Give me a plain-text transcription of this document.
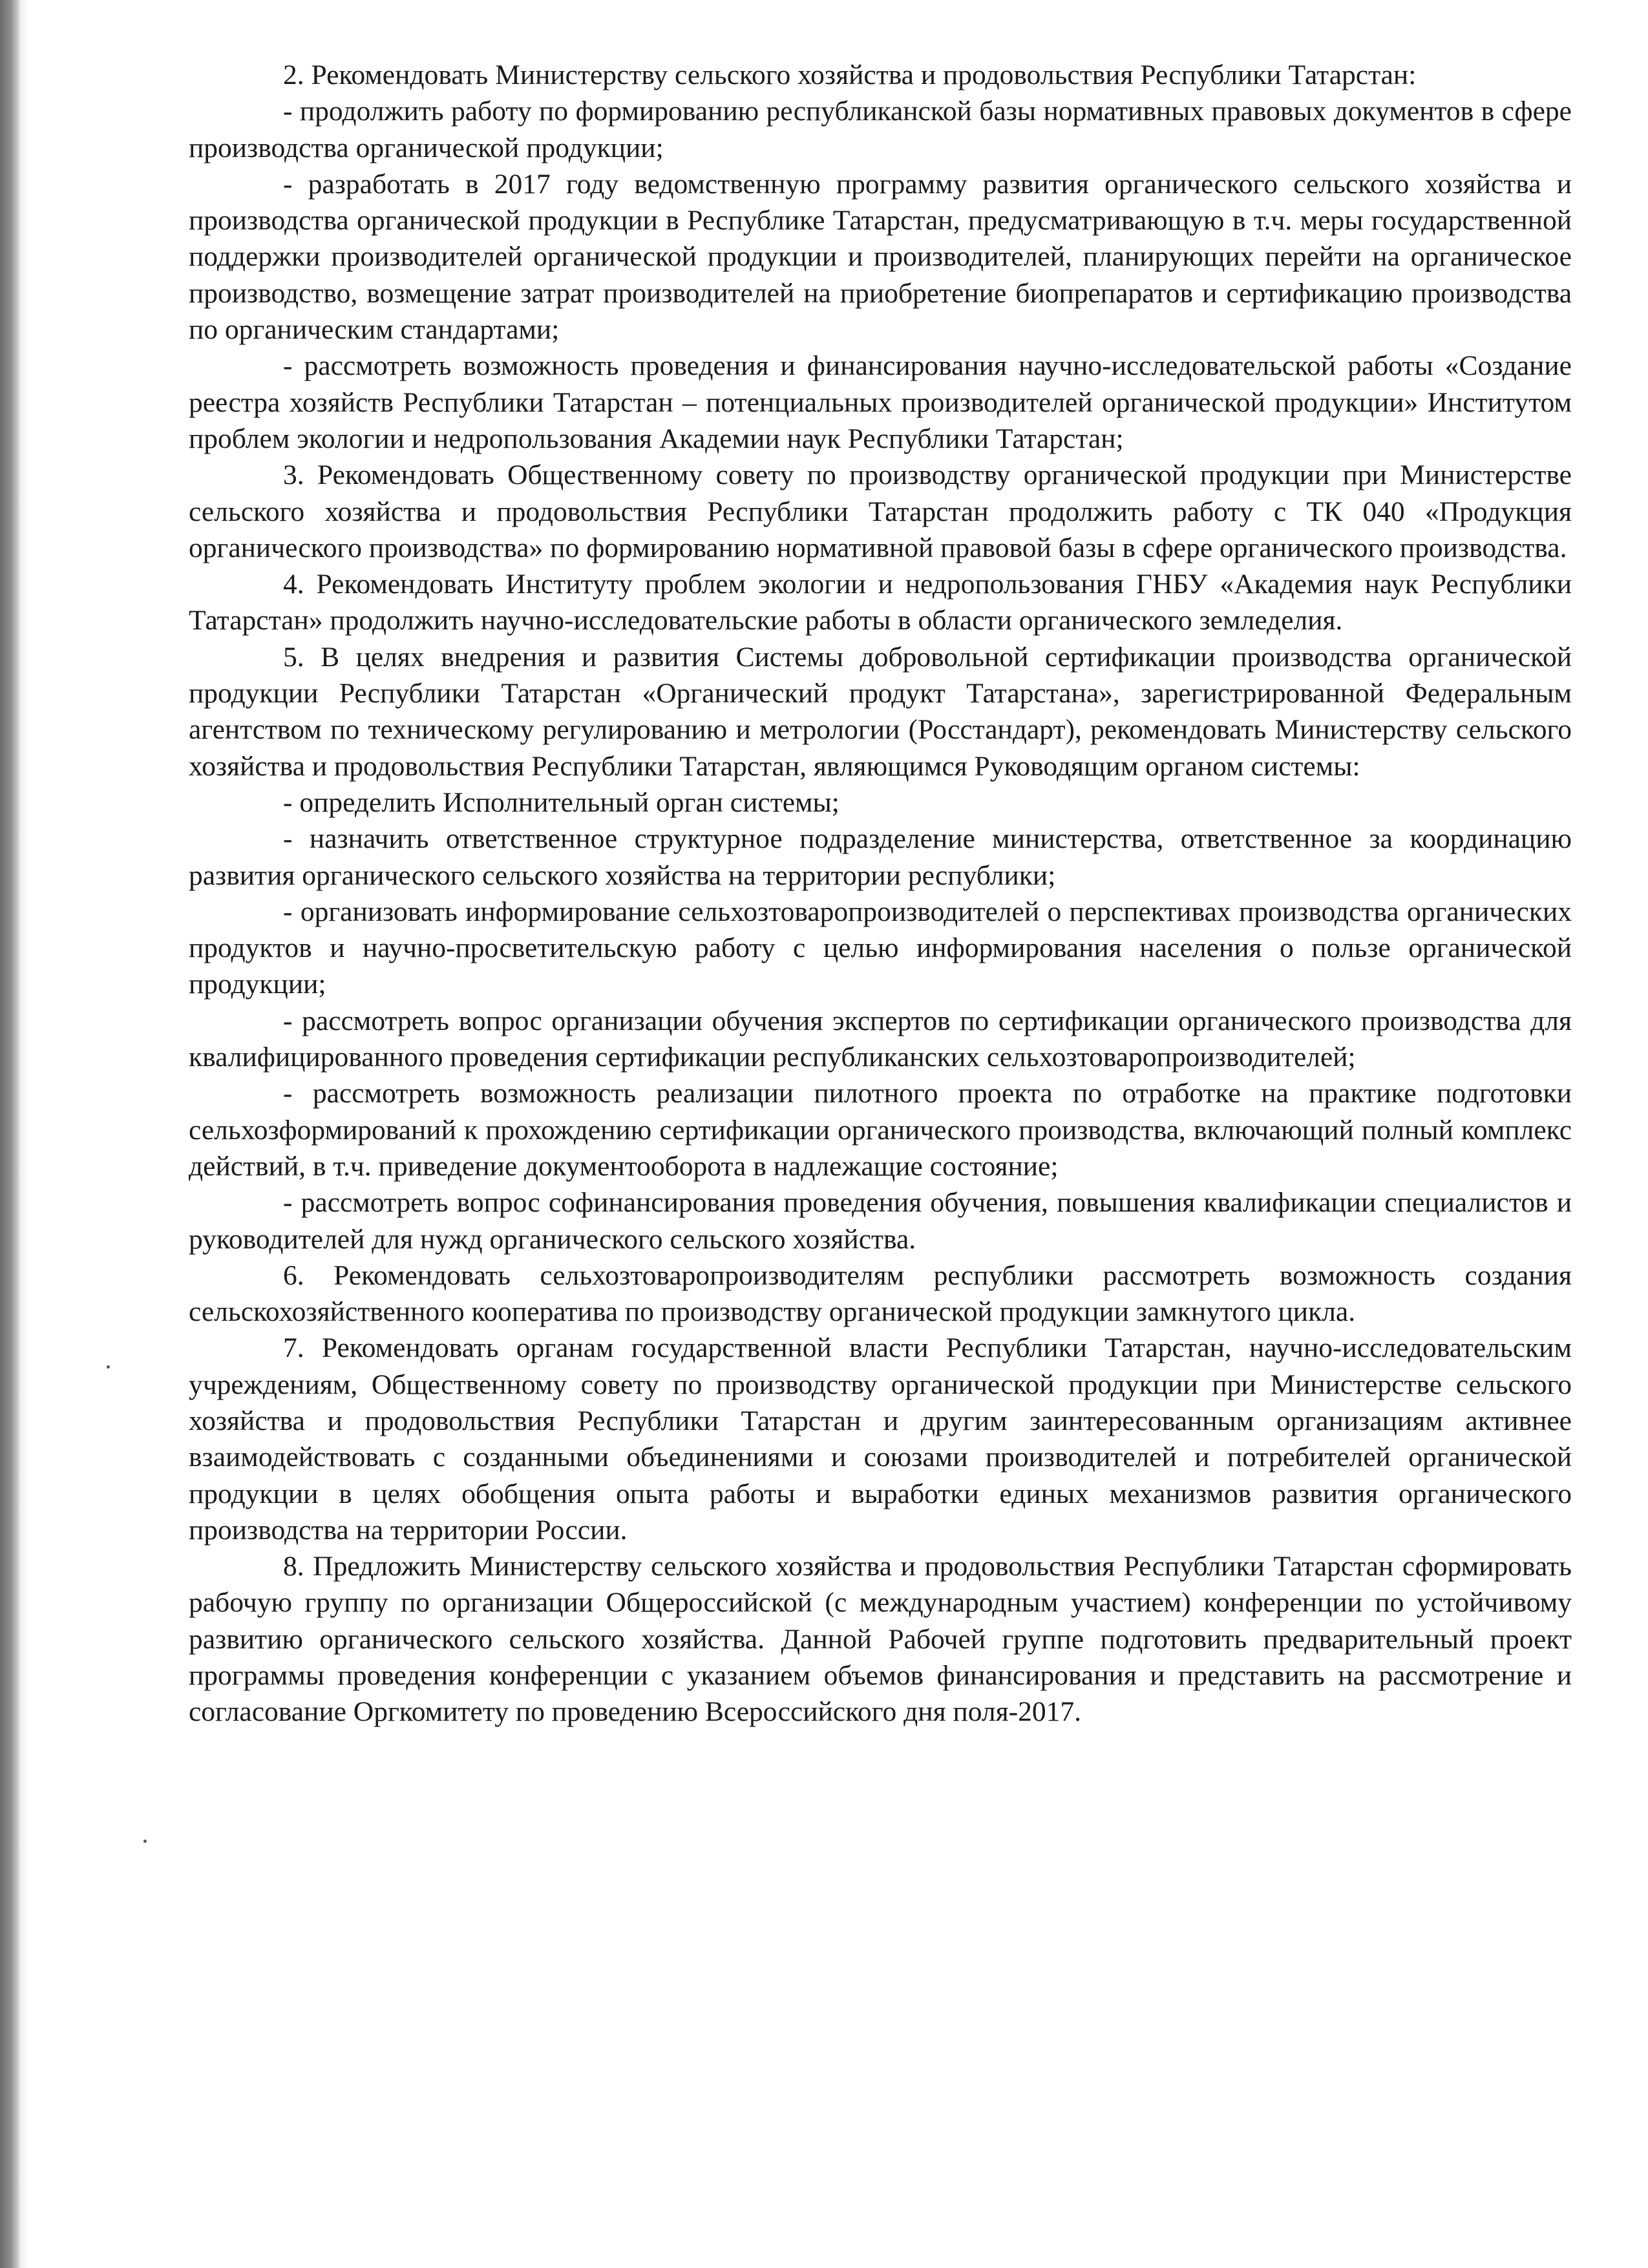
2. Рекомендовать Министерству сельского хозяйства и продовольствия Республики Татарстан:

- продолжить работу по формированию республиканской базы нормативных правовых документов в сфере производства органической продукции;

- разработать в 2017 году ведомственную программу развития органического сельского хозяйства и производства органической продукции в Республике Татарстан, предусматривающую в т.ч. меры государственной поддержки производителей органической продукции и производителей, планирующих перейти на органическое производство, возмещение затрат производителей на приобретение биопрепаратов и сертификацию производства по органическим стандартами;

- рассмотреть возможность проведения и финансирования научно-исследовательской работы «Создание реестра хозяйств Республики Татарстан – потенциальных производителей органической продукции» Институтом проблем экологии и недропользования Академии наук Республики Татарстан;

3. Рекомендовать Общественному совету по производству органической продукции при Министерстве сельского хозяйства и продовольствия Республики Татарстан продолжить работу с ТК 040 «Продукция органического производства» по формированию нормативной правовой базы в сфере органического производства.

4. Рекомендовать Институту проблем экологии и недропользования ГНБУ «Академия наук Республики Татарстан» продолжить научно-исследовательские работы в области органического земледелия.

5. В целях внедрения и развития Системы добровольной сертификации производства органической продукции Республики Татарстан «Органический продукт Татарстана», зарегистрированной Федеральным агентством по техническому регулированию и метрологии (Росстандарт), рекомендовать Министерству сельского хозяйства и продовольствия Республики Татарстан, являющимся Руководящим органом системы:

- определить Исполнительный орган системы;

- назначить ответственное структурное подразделение министерства, ответственное за координацию развития органического сельского хозяйства на территории республики;

- организовать информирование сельхозтоваропроизводителей о перспективах производства органических продуктов и научно-просветительскую работу с целью информирования населения о пользе органической продукции;

- рассмотреть вопрос организации обучения экспертов по сертификации органического производства для квалифицированного проведения сертификации республиканских сельхозтоваропроизводителей;

- рассмотреть возможность реализации пилотного проекта по отработке на практике подготовки сельхозформирований к прохождению сертификации органического производства, включающий полный комплекс действий, в т.ч. приведение документооборота в надлежащие состояние;

- рассмотреть вопрос софинансирования проведения обучения, повышения квалификации специалистов и руководителей для нужд органического сельского хозяйства.

6. Рекомендовать сельхозтоваропроизводителям республики рассмотреть возможность создания сельскохозяйственного кооператива по производству органической продукции замкнутого цикла.

7. Рекомендовать органам государственной власти Республики Татарстан, научно-исследовательским учреждениям, Общественному совету по производству органической продукции при Министерстве сельского хозяйства и продовольствия Республики Татарстан и другим заинтересованным организациям активнее взаимодействовать с созданными объединениями и союзами производителей и потребителей органической продукции в целях обобщения опыта работы и выработки единых механизмов развития органического производства на территории России.

8. Предложить Министерству сельского хозяйства и продовольствия Республики Татарстан сформировать рабочую группу по организации Общероссийской (с международным участием) конференции по устойчивому развитию органического сельского хозяйства. Данной Рабочей группе подготовить предварительный проект программы проведения конференции с указанием объемов финансирования и представить на рассмотрение и согласование Оргкомитету по проведению Всероссийского дня поля-2017.
